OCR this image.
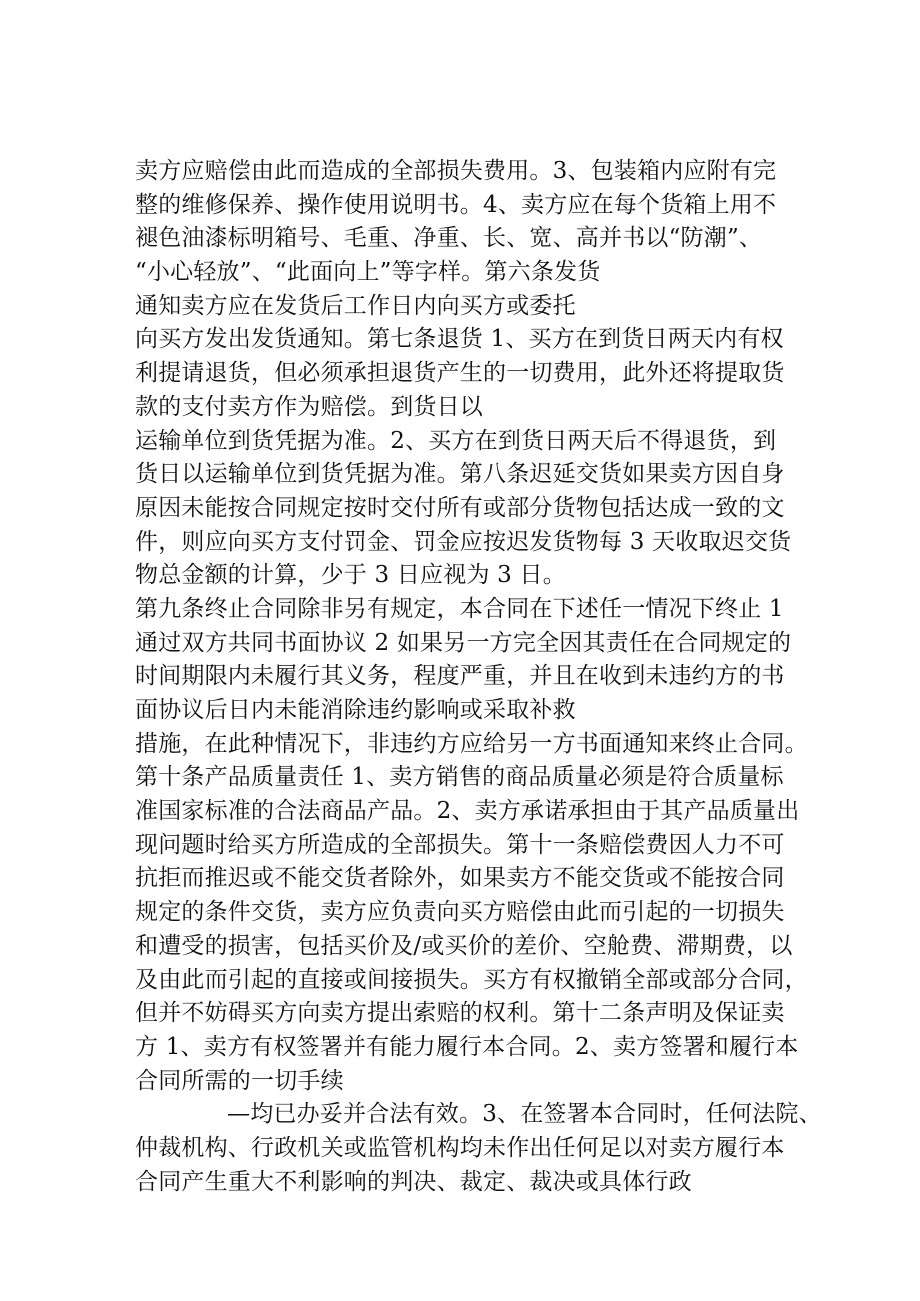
卖方应赔偿由此而造成的全部损失费用。3、包装箱内应附有完
整的维修保养、操作使用说明书。4、卖方应在每个货箱上用不
褪色油漆标明箱号、毛重、净重、长、宽、高并书以“防潮”、
“小心轻放”、“此面向上”等字样。第六条发货
通知卖方应在发货后工作日内向买方或委托
向买方发出发货通知。第七条退货 1、买方在到货日两天内有权
利提请退货，但必须承担退货产生的一切费用，此外还将提取货
款的支付卖方作为赔偿。到货日以
运输单位到货凭据为准。2、买方在到货日两天后不得退货，到
货日以运输单位到货凭据为准。第八条迟延交货如果卖方因自身
原因未能按合同规定按时交付所有或部分货物包括达成一致的文
件，则应向买方支付罚金、罚金应按迟发货物每 3 天收取迟交货
物总金额的计算，少于 3 日应视为 3 日。
第九条终止合同除非另有规定，本合同在下述任一情况下终止 1
通过双方共同书面协议 2 如果另一方完全因其责任在合同规定的
时间期限内未履行其义务，程度严重，并且在收到未违约方的书
面协议后日内未能消除违约影响或采取补救
措施，在此种情况下，非违约方应给另一方书面通知来终止合同。
第十条产品质量责任 1、卖方销售的商品质量必须是符合质量标
准国家标准的合法商品产品。2、卖方承诺承担由于其产品质量出
现问题时给买方所造成的全部损失。第十一条赔偿费因人力不可
抗拒而推迟或不能交货者除外，如果卖方不能交货或不能按合同
规定的条件交货，卖方应负责向买方赔偿由此而引起的一切损失
和遭受的损害，包括买价及/或买价的差价、空舱费、滞期费，以
及由此而引起的直接或间接损失。买方有权撤销全部或部分合同，
但并不妨碍买方向卖方提出索赔的权利。第十二条声明及保证卖
方 1、卖方有权签署并有能力履行本合同。2、卖方签署和履行本
合同所需的一切手续
—均已办妥并合法有效。3、在签署本合同时，任何法院、
仲裁机构、行政机关或监管机构均未作出任何足以对卖方履行本
合同产生重大不利影响的判决、裁定、裁决或具体行政
